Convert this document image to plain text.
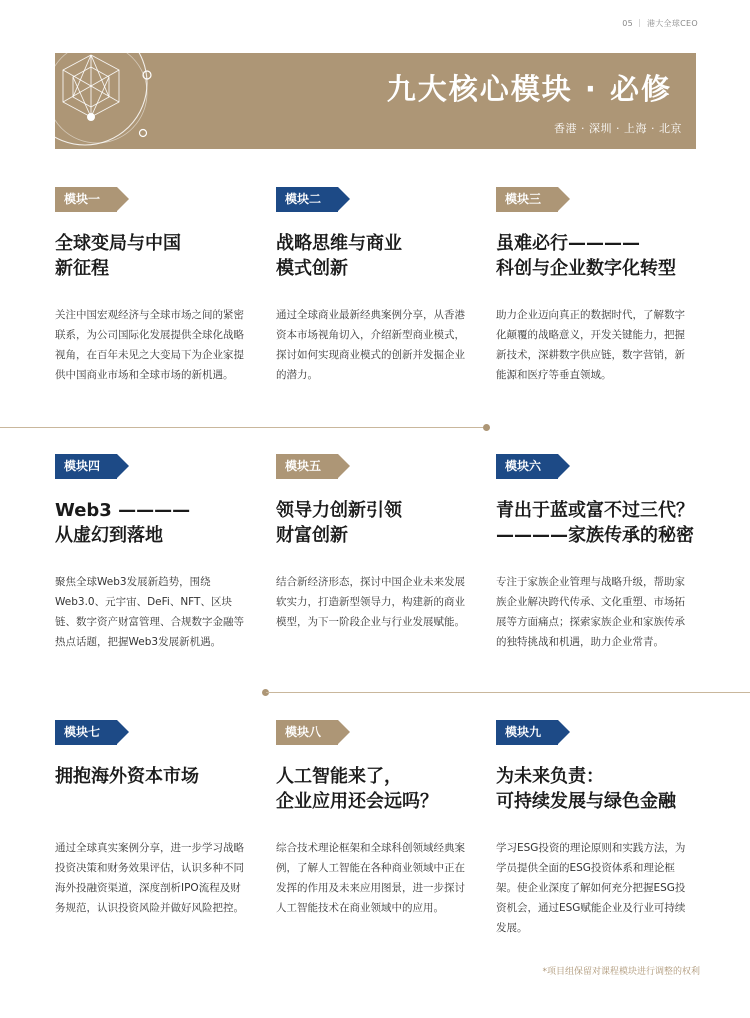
05 ｜ 港大全球CEO
九大核心模块 · 必修
香港 · 深圳 · 上海 · 北京
模块一
全球变局与中国
新征程
关注中国宏观经济与全球市场之间的紧密联系，为公司国际化发展提供全球化战略视角，在百年未见之大变局下为企业家提供中国商业市场和全球市场的新机遇。
模块二
战略思维与商业
模式创新
通过全球商业最新经典案例分享，从香港资本市场视角切入，介绍新型商业模式，探讨如何实现商业模式的创新并发掘企业的潜力。
模块三
虽难必行————
科创与企业数字化转型
助力企业迈向真正的数据时代，了解数字化颠覆的战略意义，开发关键能力，把握新技术，深耕数字供应链，数字营销，新能源和医疗等垂直领域。
模块四
Web3 ————
从虚幻到落地
聚焦全球Web3发展新趋势，围绕Web3.0、元宇宙、DeFi、NFT、区块链、数字资产财富管理、合规数字金融等热点话题，把握Web3发展新机遇。
模块五
领导力创新引领
财富创新
结合新经济形态，探讨中国企业未来发展软实力，打造新型领导力，构建新的商业模型，为下一阶段企业与行业发展赋能。
模块六
青出于蓝或富不过三代？
————家族传承的秘密
专注于家族企业管理与战略升级，帮助家族企业解决跨代传承、文化重塑、市场拓展等方面痛点；探索家族企业和家族传承的独特挑战和机遇，助力企业常青。
模块七
拥抱海外资本市场
通过全球真实案例分享，进一步学习战略投资决策和财务效果评估，认识多种不同海外投融资渠道，深度剖析IPO流程及财务规范，认识投资风险并做好风险把控。
模块八
人工智能来了，
企业应用还会远吗？
综合技术理论框架和全球科创领域经典案例，了解人工智能在各种商业领域中正在发挥的作用及未来应用图景，进一步探讨人工智能技术在商业领域中的应用。
模块九
为未来负责：
可持续发展与绿色金融
学习ESG投资的理论原则和实践方法，为学员提供全面的ESG投资体系和理论框架。使企业深度了解如何充分把握ESG投资机会，通过ESG赋能企业及行业可持续发展。
*项目组保留对课程模块进行调整的权利
